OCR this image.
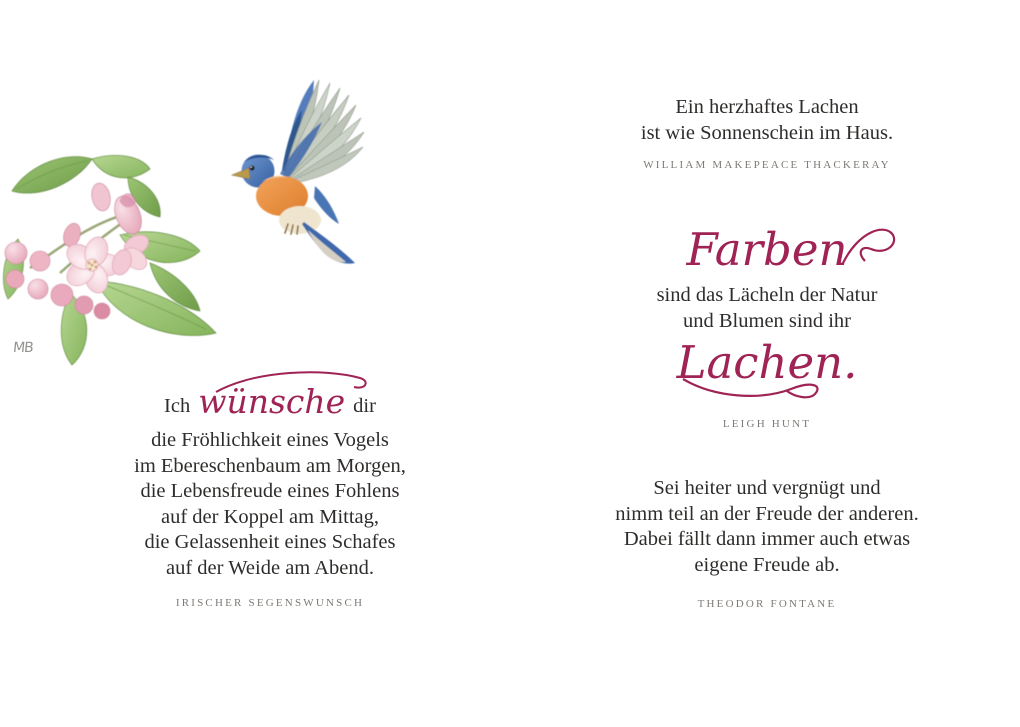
MB
Ich wünsche dir
die Fröhlichkeit eines Vogels
im Ebereschenbaum am Morgen,
die Lebensfreude eines Fohlens
auf der Koppel am Mittag,
die Gelassenheit eines Schafes
auf der Weide am Abend.
IRISCHER SEGENSWUNSCH
Ein herzhaftes Lachen
ist wie Sonnenschein im Haus.
WILLIAM MAKEPEACE THACKERAY
Farben
sind das Lächeln der Natur
und Blumen sind ihr
Lachen.
LEIGH HUNT
Sei heiter und vergnügt und
nimm teil an der Freude der anderen.
Dabei fällt dann immer auch etwas
eigene Freude ab.
THEODOR FONTANE
